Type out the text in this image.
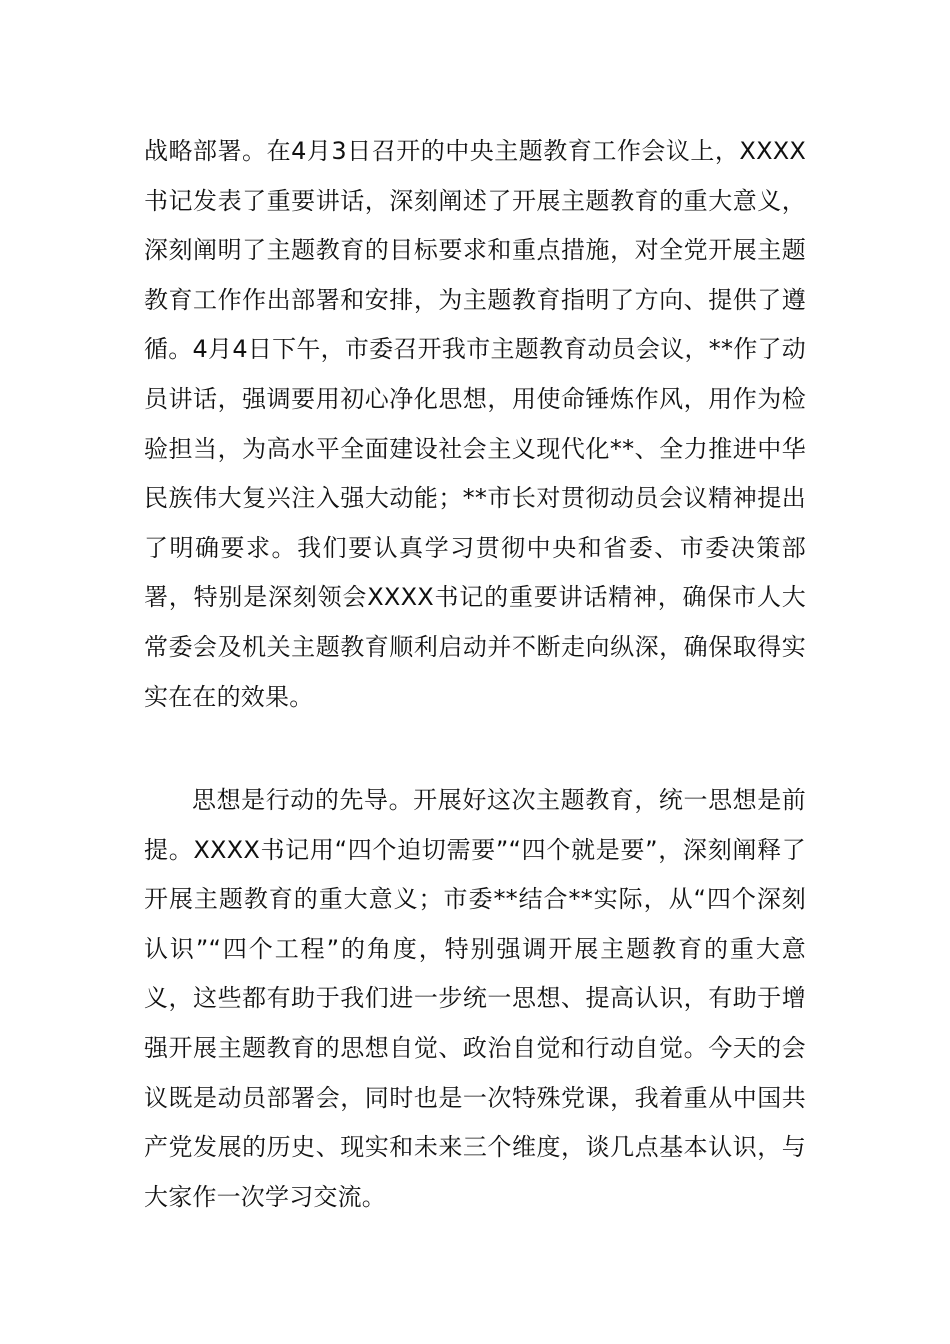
战略部署。在4月3日召开的中央主题教育工作会议上，XXXX书记发表了重要讲话，深刻阐述了开展主题教育的重大意义，深刻阐明了主题教育的目标要求和重点措施，对全党开展主题教育工作作出部署和安排，为主题教育指明了方向、提供了遵循。4月4日下午，市委召开我市主题教育动员会议，**作了动员讲话，强调要用初心净化思想，用使命锤炼作风，用作为检验担当，为高水平全面建设社会主义现代化**、全力推进中华民族伟大复兴注入强大动能；**市长对贯彻动员会议精神提出了明确要求。我们要认真学习贯彻中央和省委、市委决策部署，特别是深刻领会XXXX书记的重要讲话精神，确保市人大常委会及机关主题教育顺利启动并不断走向纵深，确保取得实实在在的效果。

思想是行动的先导。开展好这次主题教育，统一思想是前提。XXXX书记用“四个迫切需要”“四个就是要”，深刻阐释了开展主题教育的重大意义；市委**结合**实际，从“四个深刻认识”“四个工程”的角度，特别强调开展主题教育的重大意义，这些都有助于我们进一步统一思想、提高认识，有助于增强开展主题教育的思想自觉、政治自觉和行动自觉。今天的会议既是动员部署会，同时也是一次特殊党课，我着重从中国共产党发展的历史、现实和未来三个维度，谈几点基本认识，与大家作一次学习交流。
